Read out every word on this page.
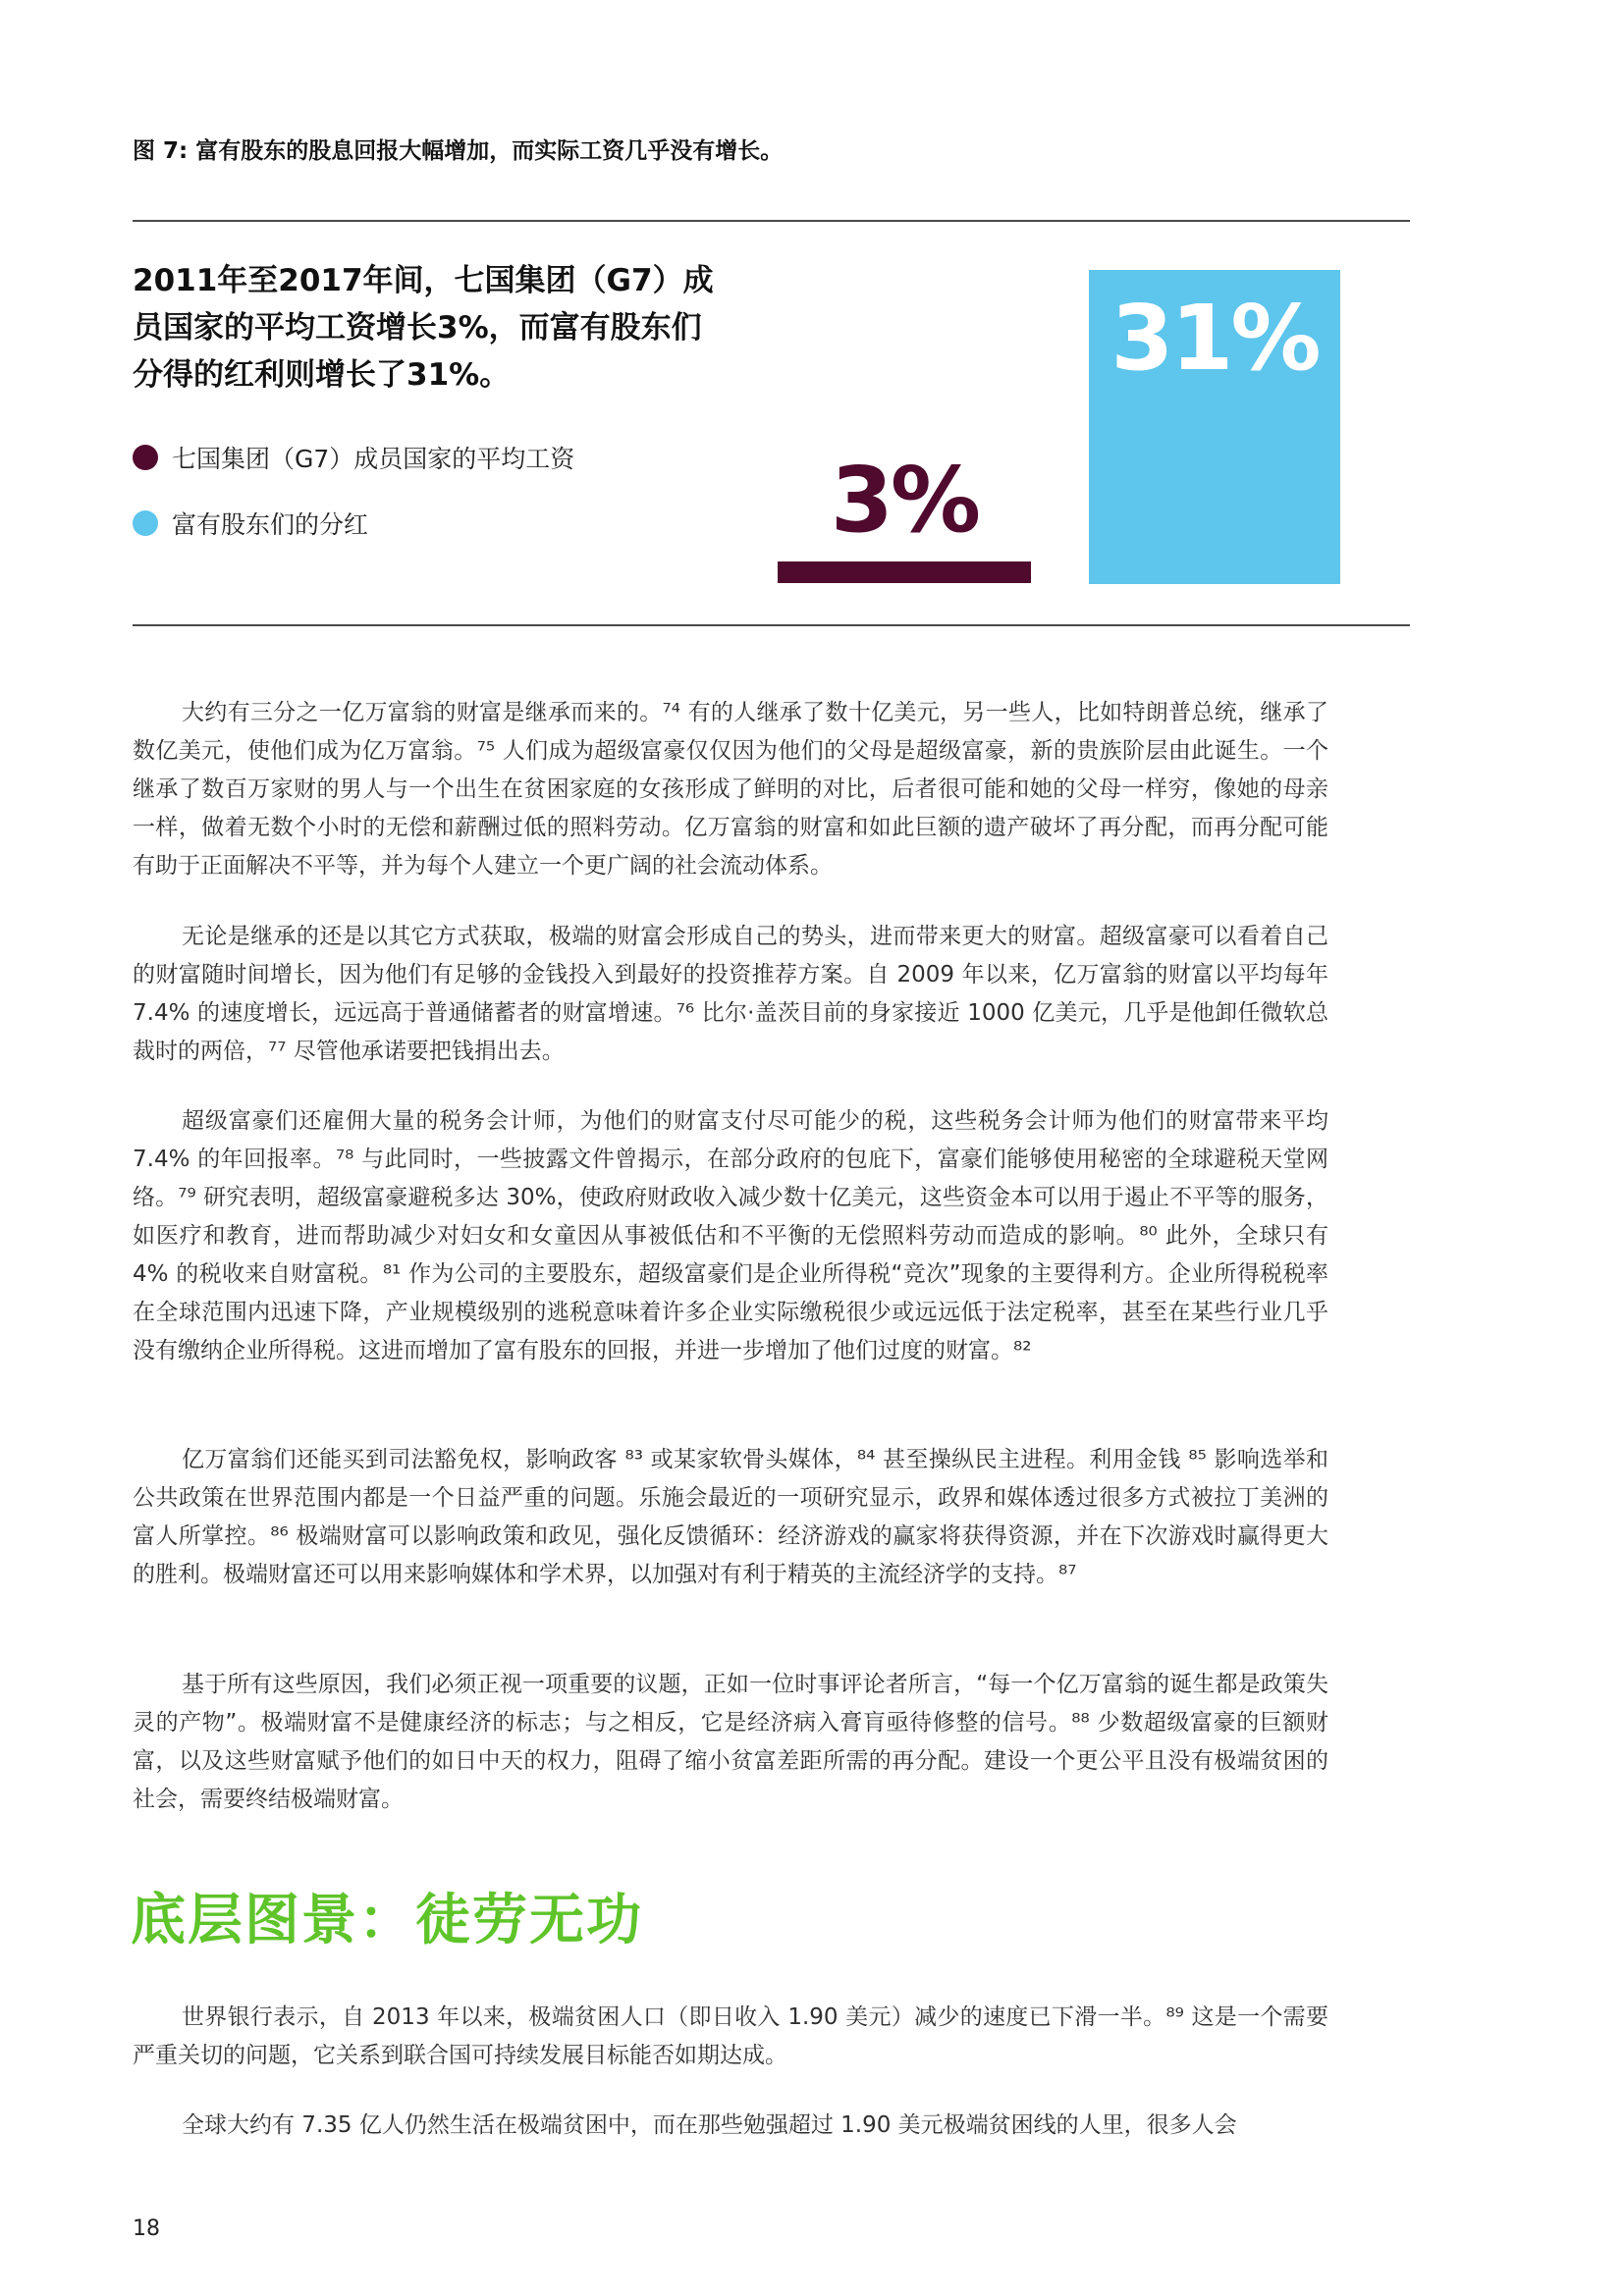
图 7: 富有股东的股息回报大幅增加，而实际工资几乎没有增长。
2011年至2017年间，七国集团（G7）成员国家的平均工资增长3%，而富有股东们分得的红利则增长了31%。
七国集团（G7）成员国家的平均工资
富有股东们的分红	3%
31%

大约有三分之一亿万富翁的财富是继承而来的。⁷⁴ 有的人继承了数十亿美元，另一些人，比如特朗普总统，继承了数亿美元，使他们成为亿万富翁。⁷⁵ 人们成为超级富豪仅仅因为他们的父母是超级富豪，新的贵族阶层由此诞生。一个继承了数百万家财的男人与一个出生在贫困家庭的女孩形成了鲜明的对比，后者很可能和她的父母一样穷，像她的母亲一样，做着无数个小时的无偿和薪酬过低的照料劳动。亿万富翁的财富和如此巨额的遗产破坏了再分配，而再分配可能有助于正面解决不平等，并为每个人建立一个更广阔的社会流动体系。

无论是继承的还是以其它方式获取，极端的财富会形成自己的势头，进而带来更大的财富。超级富豪可以看着自己的财富随时间增长，因为他们有足够的金钱投入到最好的投资推荐方案。自 2009 年以来，亿万富翁的财富以平均每年 7.4% 的速度增长，远远高于普通储蓄者的财富增速。⁷⁶ 比尔·盖茨目前的身家接近 1000 亿美元，几乎是他卸任微软总裁时的两倍，⁷⁷ 尽管他承诺要把钱捐出去。

超级富豪们还雇佣大量的税务会计师，为他们的财富支付尽可能少的税，这些税务会计师为他们的财富带来平均 7.4% 的年回报率。⁷⁸ 与此同时，一些披露文件曾揭示，在部分政府的包庇下，富豪们能够使用秘密的全球避税天堂网络。⁷⁹ 研究表明，超级富豪避税多达 30%，使政府财政收入减少数十亿美元，这些资金本可以用于遏止不平等的服务，如医疗和教育，进而帮助减少对妇女和女童因从事被低估和不平衡的无偿照料劳动而造成的影响。⁸⁰ 此外，全球只有 4% 的税收来自财富税。⁸¹ 作为公司的主要股东，超级富豪们是企业所得税“竞次”现象的主要得利方。企业所得税税率在全球范围内迅速下降，产业规模级别的逃税意味着许多企业实际缴税很少或远远低于法定税率，甚至在某些行业几乎没有缴纳企业所得税。这进而增加了富有股东的回报，并进一步增加了他们过度的财富。⁸²

亿万富翁们还能买到司法豁免权，影响政客 ⁸³ 或某家软骨头媒体，⁸⁴ 甚至操纵民主进程。利用金钱 ⁸⁵ 影响选举和公共政策在世界范围内都是一个日益严重的问题。乐施会最近的一项研究显示，政界和媒体透过很多方式被拉丁美洲的富人所掌控。⁸⁶ 极端财富可以影响政策和政见，强化反馈循环：经济游戏的赢家将获得资源，并在下次游戏时赢得更大的胜利。极端财富还可以用来影响媒体和学术界，以加强对有利于精英的主流经济学的支持。⁸⁷

基于所有这些原因，我们必须正视一项重要的议题，正如一位时事评论者所言，“每一个亿万富翁的诞生都是政策失灵的产物”。极端财富不是健康经济的标志；与之相反，它是经济病入膏肓亟待修整的信号。⁸⁸ 少数超级富豪的巨额财富，以及这些财富赋予他们的如日中天的权力，阻碍了缩小贫富差距所需的再分配。建设一个更公平且没有极端贫困的社会，需要终结极端财富。

底层图景：徒劳无功

世界银行表示，自 2013 年以来，极端贫困人口（即日收入 1.90 美元）减少的速度已下滑一半。⁸⁹ 这是一个需要严重关切的问题，它关系到联合国可持续发展目标能否如期达成。

全球大约有 7.35 亿人仍然生活在极端贫困中，而在那些勉强超过 1.90 美元极端贫困线的人里，很多人会

18
